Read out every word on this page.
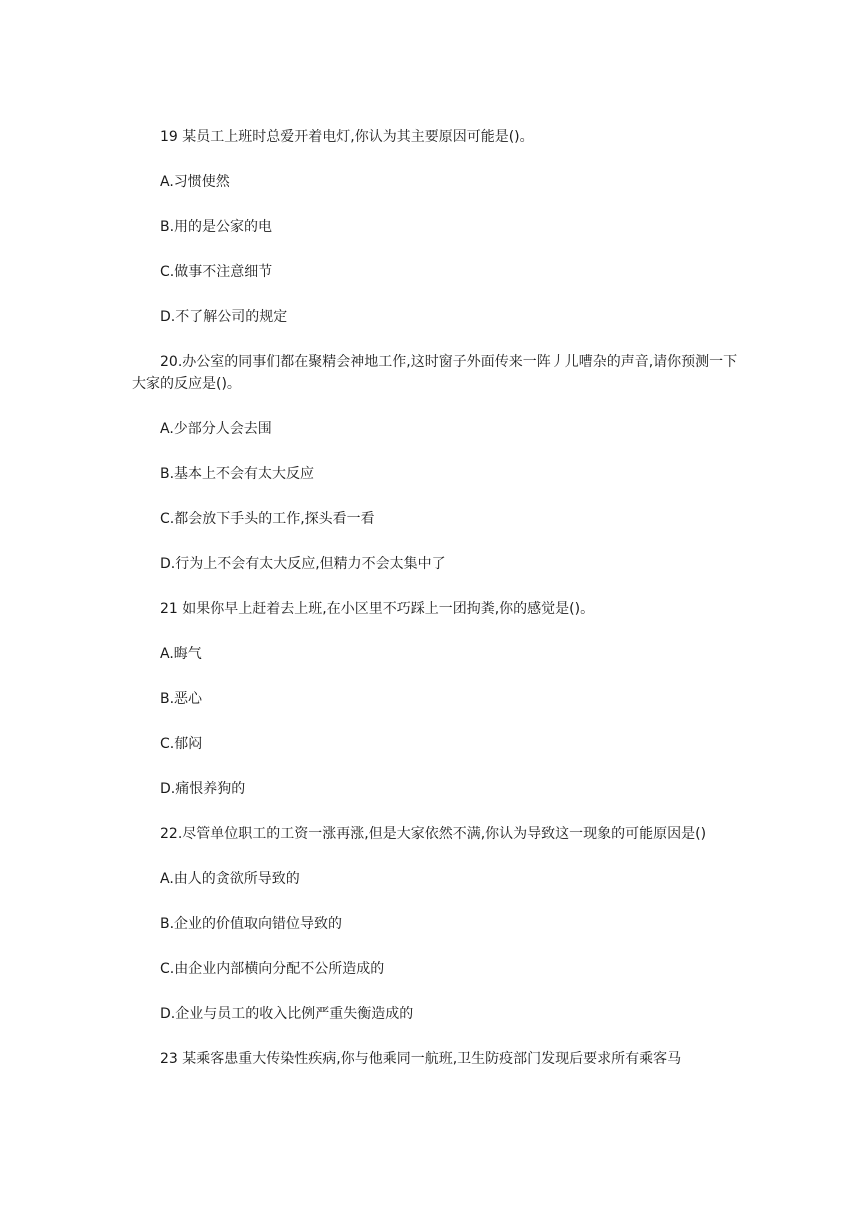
19 某员工上班时总爱开着电灯,你认为其主要原因可能是()。

A.习惯使然

B.用的是公家的电

C.做事不注意细节

D.不了解公司的规定

20.办公室的同事们都在聚精会神地工作,这时窗子外面传来一阵丿儿嘈杂的声音,请你预测一下大家的反应是()。

A.少部分人会去围

B.基本上不会有太大反应

C.都会放下手头的工作,探头看一看

D.行为上不会有太大反应,但精力不会太集中了

21 如果你早上赶着去上班,在小区里不巧踩上一团拘粪,你的感觉是()。

A.晦气

B.恶心

C.郁闷

D.痛恨养狗的

22.尽管单位职工的工资一涨再涨,但是大家依然不满,你认为导致这一现象的可能原因是()

A.由人的贪欲所导致的

B.企业的价值取向错位导致的

C.由企业内部横向分配不公所造成的

D.企业与员工的收入比例严重失衡造成的

23 某乘客患重大传染性疾病,你与他乘同一航班,卫生防疫部门发现后要求所有乘客马
